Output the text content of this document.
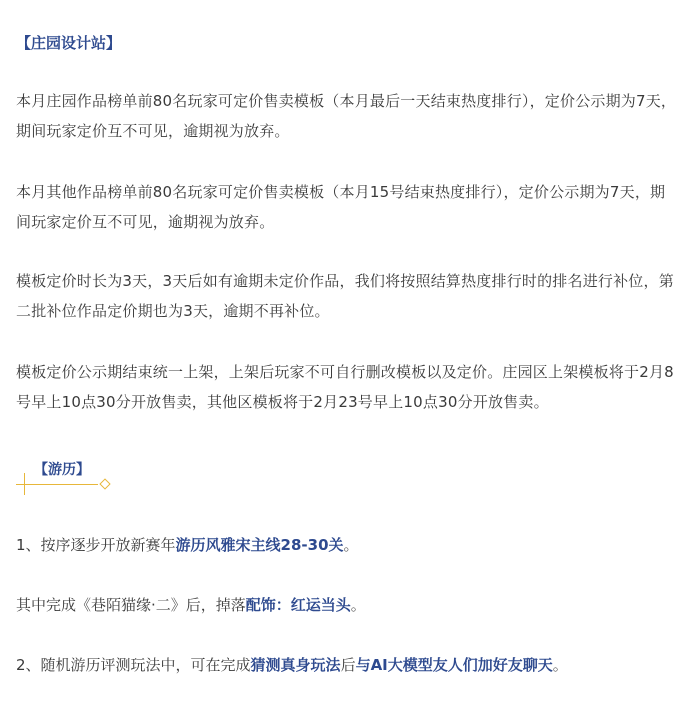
【庄园设计站】
本月庄园作品榜单前80名玩家可定价售卖模板（本月最后一天结束热度排行），定价公示期为7天，期间玩家定价互不可见，逾期视为放弃。
本月其他作品榜单前80名玩家可定价售卖模板（本月15号结束热度排行），定价公示期为7天，期间玩家定价互不可见，逾期视为放弃。
模板定价时长为3天，3天后如有逾期未定价作品，我们将按照结算热度排行时的排名进行补位，第二批补位作品定价期也为3天，逾期不再补位。
模板定价公示期结束统一上架，上架后玩家不可自行删改模板以及定价。庄园区上架模板将于2月8号早上10点30分开放售卖，其他区模板将于2月23号早上10点30分开放售卖。
【游历】
1、按序逐步开放新赛年游历风雅宋主线28-30关。
其中完成《巷陌猫缘·二》后，掉落配饰：红运当头。
2、随机游历评测玩法中，可在完成猜测真身玩法后与AI大模型友人们加好友聊天。
